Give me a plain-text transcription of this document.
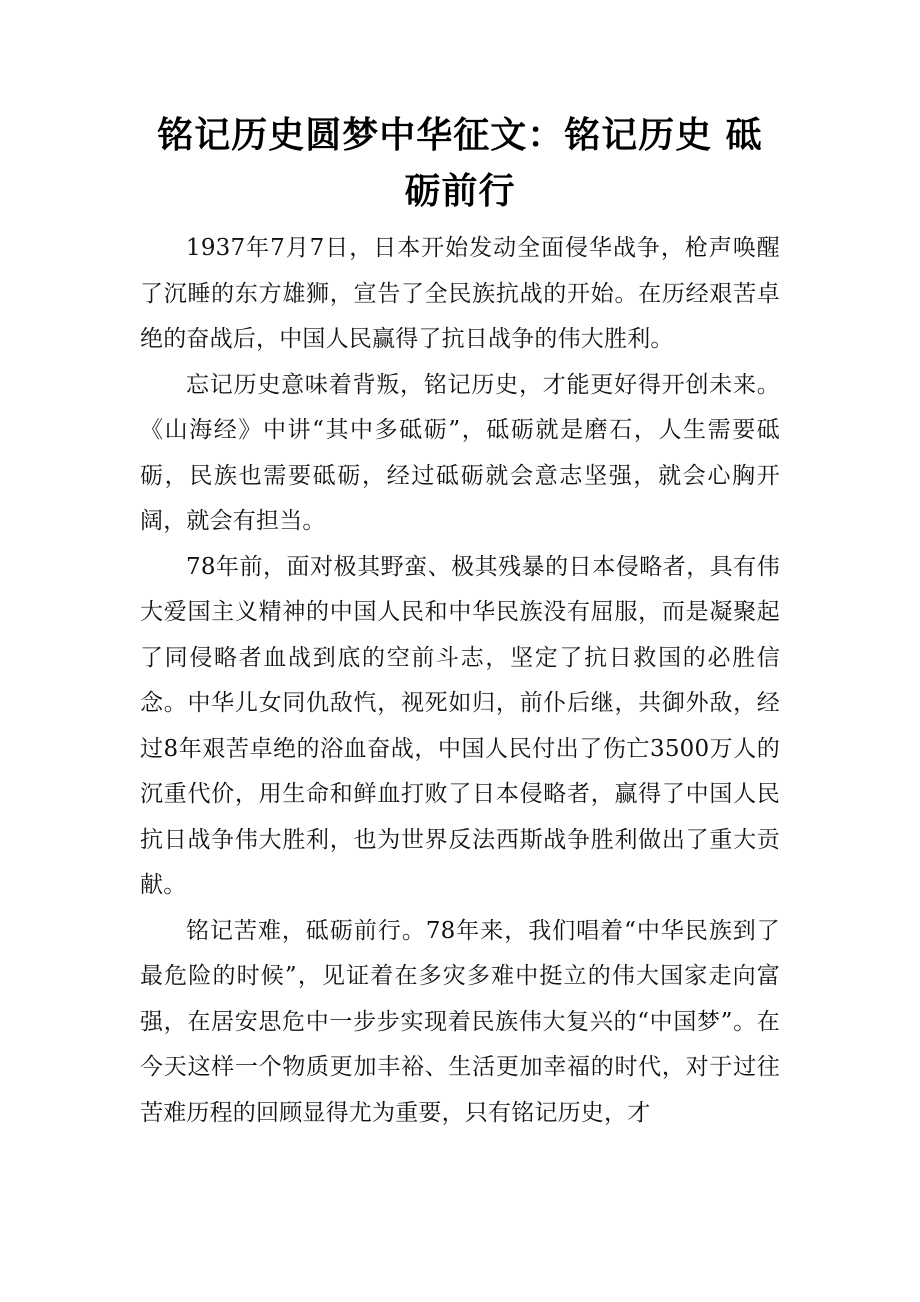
铭记历史圆梦中华征文：铭记历史 砥砺前行

1937年7月7日，日本开始发动全面侵华战争，枪声唤醒了沉睡的东方雄狮，宣告了全民族抗战的开始。在历经艰苦卓绝的奋战后，中国人民赢得了抗日战争的伟大胜利。

忘记历史意味着背叛，铭记历史，才能更好得开创未来。《山海经》中讲“其中多砥砺”，砥砺就是磨石，人生需要砥砺，民族也需要砥砺，经过砥砺就会意志坚强，就会心胸开阔，就会有担当。

78年前，面对极其野蛮、极其残暴的日本侵略者，具有伟大爱国主义精神的中国人民和中华民族没有屈服，而是凝聚起了同侵略者血战到底的空前斗志，坚定了抗日救国的必胜信念。中华儿女同仇敌忾，视死如归，前仆后继，共御外敌，经过8年艰苦卓绝的浴血奋战，中国人民付出了伤亡3500万人的沉重代价，用生命和鲜血打败了日本侵略者，赢得了中国人民抗日战争伟大胜利，也为世界反法西斯战争胜利做出了重大贡献。

铭记苦难，砥砺前行。78年来，我们唱着“中华民族到了最危险的时候”，见证着在多灾多难中挺立的伟大国家走向富强，在居安思危中一步步实现着民族伟大复兴的“中国梦”。在今天这样一个物质更加丰裕、生活更加幸福的时代，对于过往苦难历程的回顾显得尤为重要，只有铭记历史，才
